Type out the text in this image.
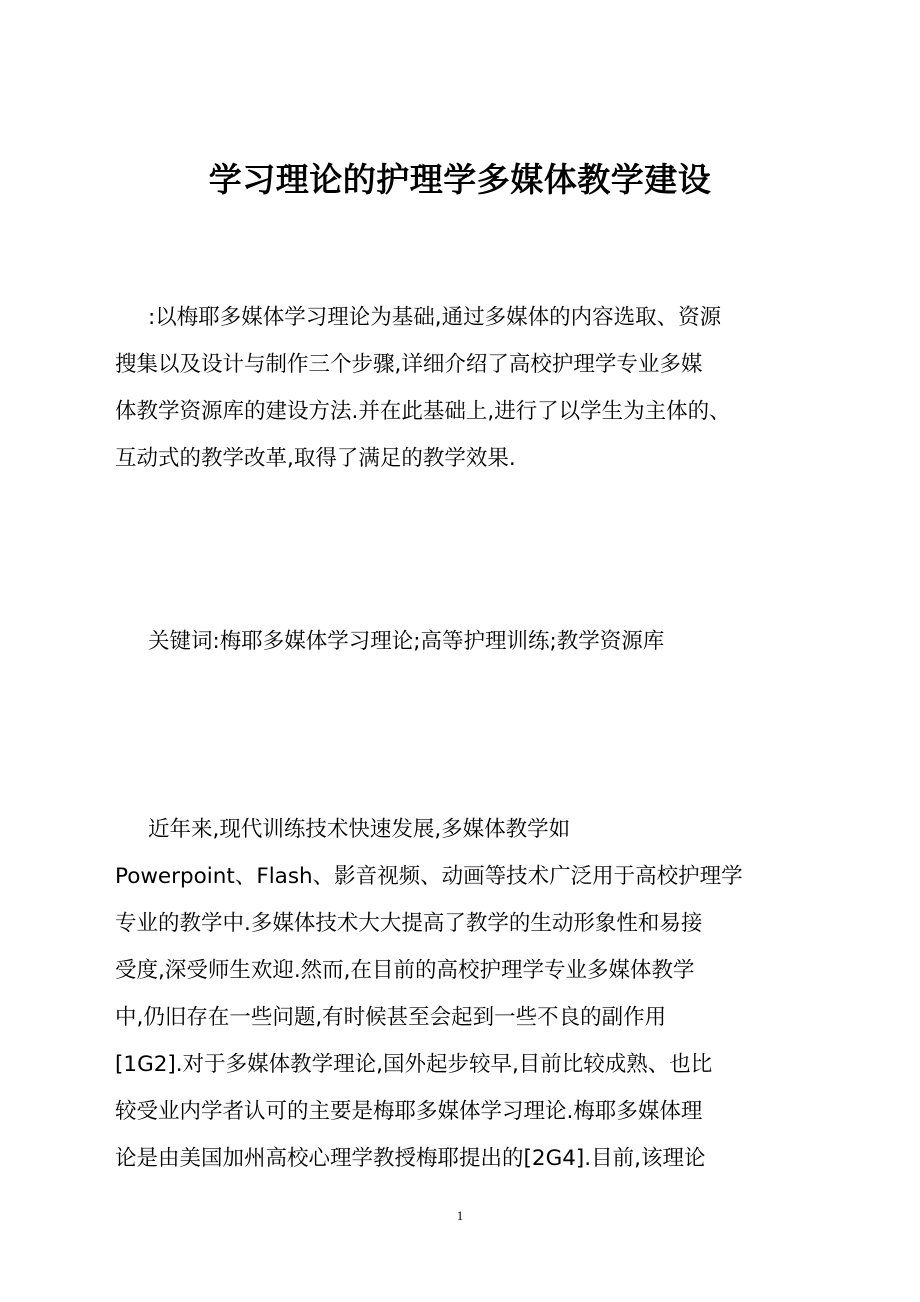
学习理论的护理学多媒体教学建设
:以梅耶多媒体学习理论为基础,通过多媒体的内容选取、资源
搜集以及设计与制作三个步骤,详细介绍了高校护理学专业多媒
体教学资源库的建设方法.并在此基础上,进行了以学生为主体的、
互动式的教学改革,取得了满足的教学效果.
关键词:梅耶多媒体学习理论;高等护理训练;教学资源库
近年来,现代训练技术快速发展,多媒体教学如
Powerpoint、Flash、影音视频、动画等技术广泛用于高校护理学
专业的教学中.多媒体技术大大提高了教学的生动形象性和易接
受度,深受师生欢迎.然而,在目前的高校护理学专业多媒体教学
中,仍旧存在一些问题,有时候甚至会起到一些不良的副作用
[1G2].对于多媒体教学理论,国外起步较早,目前比较成熟、也比
较受业内学者认可的主要是梅耶多媒体学习理论.梅耶多媒体理
论是由美国加州高校心理学教授梅耶提出的[2G4].目前,该理论
1
